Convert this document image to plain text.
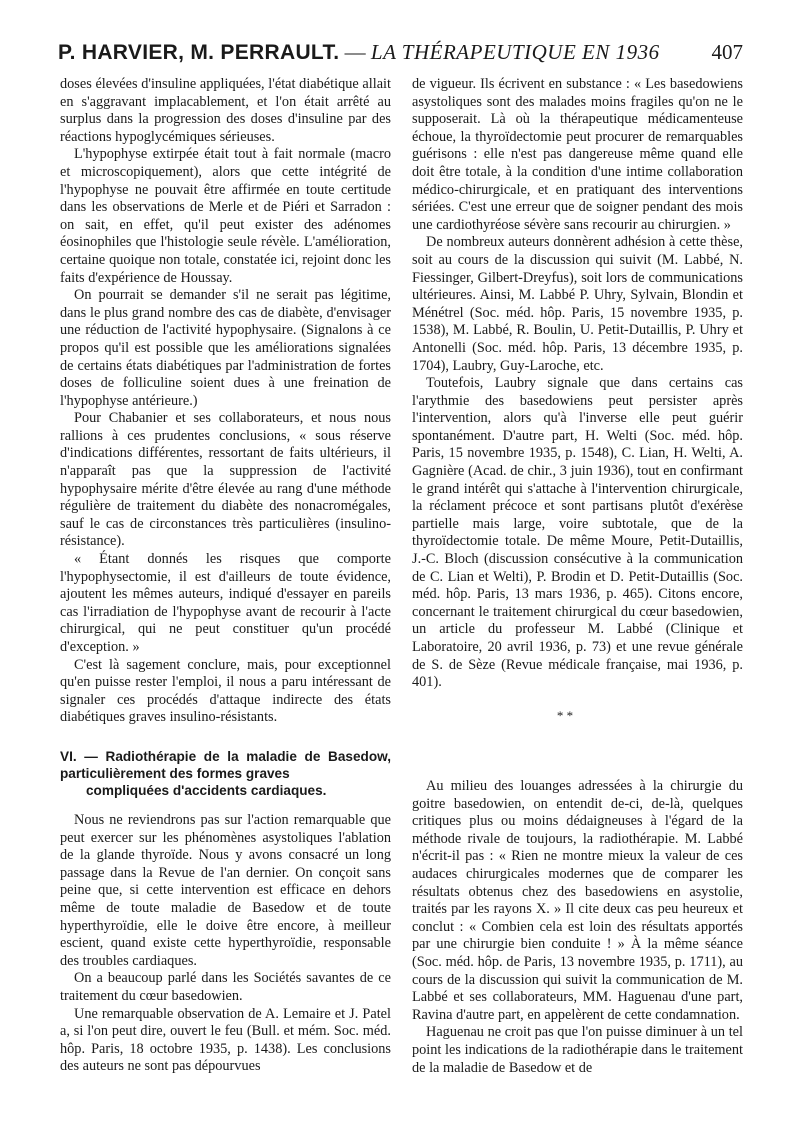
P. HARVIER, M. PERRAULT. — LA THÉRAPEUTIQUE EN 1936 407

doses élevées d'insuline appliquées, l'état diabétique allait en s'aggravant implacablement, et l'on était arrêté au surplus dans la progression des doses d'insuline par des réactions hypoglycémiques sérieuses.

L'hypophyse extirpée était tout à fait normale (macro et microscopiquement), alors que cette intégrité de l'hypophyse ne pouvait être affirmée en toute certitude dans les observations de Merle et de Piéri et Sarradon : on sait, en effet, qu'il peut exister des adénomes éosinophiles que l'histologie seule révèle. L'amélioration, certaine quoique non totale, constatée ici, rejoint donc les faits d'expérience de Houssay.

On pourrait se demander s'il ne serait pas légitime, dans le plus grand nombre des cas de diabète, d'envisager une réduction de l'activité hypophysaire. (Signalons à ce propos qu'il est possible que les améliorations signalées de certains états diabétiques par l'administration de fortes doses de folliculine soient dues à une freination de l'hypophyse antérieure.)

Pour Chabanier et ses collaborateurs, et nous nous rallions à ces prudentes conclusions, « sous réserve d'indications différentes, ressortant de faits ultérieurs, il n'apparaît pas que la suppression de l'activité hypophysaire mérite d'être élevée au rang d'une méthode régulière de traitement du diabète des nonacromégales, sauf le cas de circonstances très particulières (insulino-résistance).

« Étant donnés les risques que comporte l'hypophysectomie, il est d'ailleurs de toute évidence, ajoutent les mêmes auteurs, indiqué d'essayer en pareils cas l'irradiation de l'hypophyse avant de recourir à l'acte chirurgical, qui ne peut constituer qu'un procédé d'exception. »

C'est là sagement conclure, mais, pour exceptionnel qu'en puisse rester l'emploi, il nous a paru intéressant de signaler ces procédés d'attaque indirecte des états diabétiques graves insulino-résistants.

de vigueur. Ils écrivent en substance : « Les basedowiens asystoliques sont des malades moins fragiles qu'on ne le supposerait. Là où la thérapeutique médicamenteuse échoue, la thyroïdectomie peut procurer de remarquables guérisons : elle n'est pas dangereuse même quand elle doit être totale, à la condition d'une intime collaboration médico-chirurgicale, et en pratiquant des interventions sériées. C'est une erreur que de soigner pendant des mois une cardiothyréose sévère sans recourir au chirurgien. »

De nombreux auteurs donnèrent adhésion à cette thèse, soit au cours de la discussion qui suivit (M. Labbé, N. Fiessinger, Gilbert-Dreyfus), soit lors de communications ultérieures. Ainsi, M. Labbé P. Uhry, Sylvain, Blondin et Ménétrel (Soc. méd. hôp. Paris, 15 novembre 1935, p. 1538), M. Labbé, R. Boulin, U. Petit-Dutaillis, P. Uhry et Antonelli (Soc. méd. hôp. Paris, 13 décembre 1935, p. 1704), Laubry, Guy-Laroche, etc.

Toutefois, Laubry signale que dans certains cas l'arythmie des basedowiens peut persister après l'intervention, alors qu'à l'inverse elle peut guérir spontanément. D'autre part, H. Welti (Soc. méd. hôp. Paris, 15 novembre 1935, p. 1548), C. Lian, H. Welti, A. Gagnière (Acad. de chir., 3 juin 1936), tout en confirmant le grand intérêt qui s'attache à l'intervention chirurgicale, la réclament précoce et sont partisans plutôt d'exérèse partielle mais large, voire subtotale, que de la thyroïdectomie totale. De même Moure, Petit-Dutaillis, J.-C. Bloch (discussion consécutive à la communication de C. Lian et Welti), P. Brodin et D. Petit-Dutaillis (Soc. méd. hôp. Paris, 13 mars 1936, p. 465). Citons encore, concernant le traitement chirurgical du cœur basedowien, un article du professeur M. Labbé (Clinique et Laboratoire, 20 avril 1936, p. 73) et une revue générale de S. de Sèze (Revue médicale française, mai 1936, p. 401).

* *
VI. — Radiothérapie de la maladie de Basedow, particulièrement des formes graves
compliquées d'accidents cardiaques.

Nous ne reviendrons pas sur l'action remarquable que peut exercer sur les phénomènes asystoliques l'ablation de la glande thyroïde. Nous y avons consacré un long passage dans la Revue de l'an dernier. On conçoit sans peine que, si cette intervention est efficace en dehors même de toute maladie de Basedow et de toute hyperthyroïdie, elle le doive être encore, à meilleur escient, quand existe cette hyperthyroïdie, responsable des troubles cardiaques.

On a beaucoup parlé dans les Sociétés savantes de ce traitement du cœur basedowien.

Une remarquable observation de A. Lemaire et J. Patel a, si l'on peut dire, ouvert le feu (Bull. et mém. Soc. méd. hôp. Paris, 18 octobre 1935, p. 1438). Les conclusions des auteurs ne sont pas dépourvues

Au milieu des louanges adressées à la chirurgie du goitre basedowien, on entendit de-ci, de-là, quelques critiques plus ou moins dédaigneuses à l'égard de la méthode rivale de toujours, la radiothérapie. M. Labbé n'écrit-il pas : « Rien ne montre mieux la valeur de ces audaces chirurgicales modernes que de comparer les résultats obtenus chez des basedowiens en asystolie, traités par les rayons X. » Il cite deux cas peu heureux et conclut : « Combien cela est loin des résultats apportés par une chirurgie bien conduite ! » À la même séance (Soc. méd. hôp. de Paris, 13 novembre 1935, p. 1711), au cours de la discussion qui suivit la communication de M. Labbé et ses collaborateurs, MM. Haguenau d'une part, Ravina d'autre part, en appelèrent de cette condamnation.

Haguenau ne croit pas que l'on puisse diminuer à un tel point les indications de la radiothérapie dans le traitement de la maladie de Basedow et de
